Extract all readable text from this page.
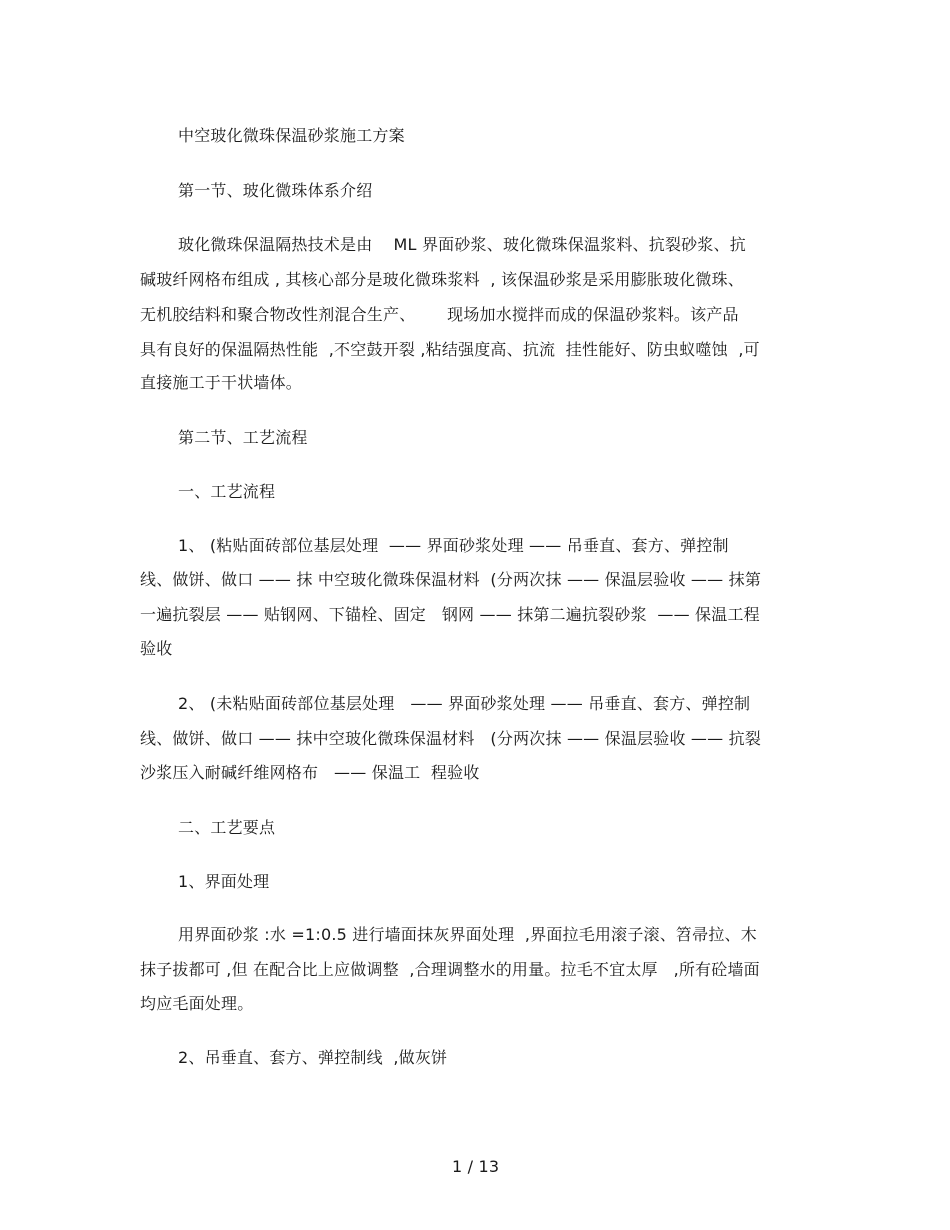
中空玻化微珠保温砂浆施工方案
第一节、玻化微珠体系介绍
玻化微珠保温隔热技术是由    ML 界面砂浆、玻化微珠保温浆料、抗裂砂浆、抗
碱玻纤网格布组成 , 其核心部分是玻化微珠浆料  , 该保温砂浆是采用膨胀玻化微珠、
无机胶结料和聚合物改性剂混合生产、      现场加水搅拌而成的保温砂浆料。该产品
具有良好的保温隔热性能  ,不空鼓开裂 ,粘结强度高、抗流  挂性能好、防虫蚁噬蚀  ,可
直接施工于干状墙体。
第二节、工艺流程
一、工艺流程
1、 (粘贴面砖部位基层处理  —— 界面砂浆处理 —— 吊垂直、套方、弹控制
线、做饼、做口 —— 抹 中空玻化微珠保温材料  (分两次抹 —— 保温层验收 —— 抹第
一遍抗裂层 —— 贴钢网、下锚栓、固定   钢网 —— 抹第二遍抗裂砂浆  —— 保温工程
验收
2、 (未粘贴面砖部位基层处理   —— 界面砂浆处理 —— 吊垂直、套方、弹控制
线、做饼、做口 —— 抹中空玻化微珠保温材料   (分两次抹 —— 保温层验收 —— 抗裂
沙浆压入耐碱纤维网格布   —— 保温工  程验收
二、工艺要点
1、界面处理
用界面砂浆 :水 =1:0.5 进行墙面抹灰界面处理  ,界面拉毛用滚子滚、笤帚拉、木
抹子拔都可 ,但 在配合比上应做调整  ,合理调整水的用量。拉毛不宜太厚   ,所有砼墙面
均应毛面处理。
2、吊垂直、套方、弹控制线  ,做灰饼
1 / 13
